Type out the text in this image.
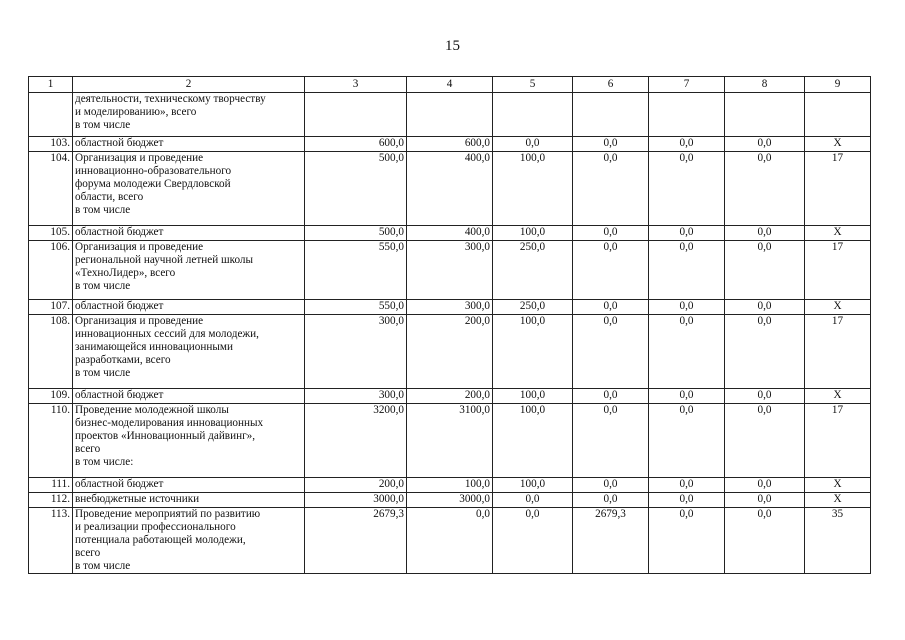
15
1	2	3	4	5	6	7	8	9

	деятельности, техническому творчеству
и моделированию», всего
в том числе							

103.	областной бюджет	600,0	600,0	0,0	0,0	0,0	0,0	Х
104.	Организация и проведение
инновационно-образовательного
форума молодежи Свердловской
области, всего
в том числе	500,0	400,0	100,0	0,0	0,0	0,0	17
105.	областной бюджет	500,0	400,0	100,0	0,0	0,0	0,0	Х
106.	Организация и проведение
региональной научной летней школы
«ТехноЛидер», всего
в том числе	550,0	300,0	250,0	0,0	0,0	0,0	17
107.	областной бюджет	550,0	300,0	250,0	0,0	0,0	0,0	Х
108.	Организация и проведение
инновационных сессий для молодежи,
занимающейся инновационными
разработками, всего
в том числе	300,0	200,0	100,0	0,0	0,0	0,0	17
109.	областной бюджет	300,0	200,0	100,0	0,0	0,0	0,0	Х
110.	Проведение молодежной школы
бизнес-моделирования инновационных
проектов «Инновационный дайвинг»,
всего
в том числе:	3200,0	3100,0	100,0	0,0	0,0	0,0	17
111.	областной бюджет	200,0	100,0	100,0	0,0	0,0	0,0	Х
112.	внебюджетные источники	3000,0	3000,0	0,0	0,0	0,0	0,0	Х
113.	Проведение мероприятий по развитию
и реализации профессионального
потенциала работающей молодежи,
всего
в том числе	2679,3	0,0	0,0	2679,3	0,0	0,0	35
